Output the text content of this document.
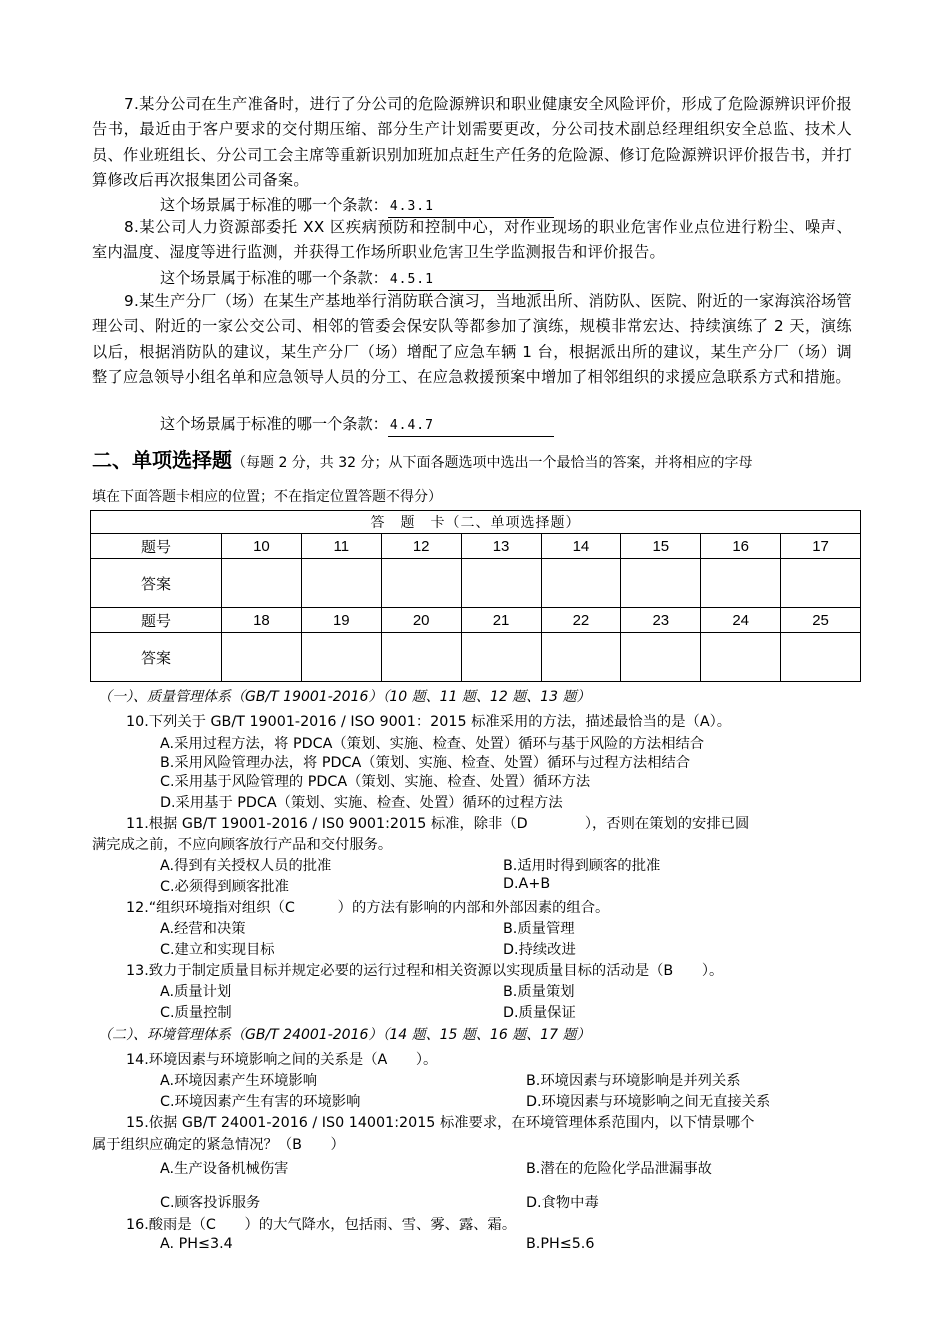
7.某分公司在生产准备时，进行了分公司的危险源辨识和职业健康安全风险评价，形成了危险源辨识评价报告书，最近由于客户要求的交付期压缩、部分生产计划需要更改，分公司技术副总经理组织安全总监、技术人员、作业班组长、分公司工会主席等重新识别加班加点赶生产任务的危险源、修订危险源辨识评价报告书，并打算修改后再次报集团公司备案。

这个场景属于标准的哪一个条款： 4.3.1

8.某公司人力资源部委托 XX 区疾病预防和控制中心，对作业现场的职业危害作业点位进行粉尘、噪声、室内温度、湿度等进行监测，并获得工作场所职业危害卫生学监测报告和评价报告。

这个场景属于标准的哪一个条款： 4.5.1

9.某生产分厂（场）在某生产基地举行消防联合演习，当地派出所、消防队、医院、附近的一家海滨浴场管理公司、附近的一家公交公司、相邻的管委会保安队等都参加了演练，规模非常宏达、持续演练了 2 天，演练以后，根据消防队的建议，某生产分厂（场）增配了应急车辆 1 台，根据派出所的建议，某生产分厂（场）调整了应急领导小组名单和应急领导人员的分工、在应急救援预案中增加了相邻组织的求援应急联系方式和措施。

这个场景属于标准的哪一个条款： 4.4.7
二、单项选择题（每题 2 分，共 32 分；从下面各题选项中选出一个最恰当的答案，并将相应的字母
填在下面答题卡相应的位置；不在指定位置答题不得分）
答　题　卡（二、单项选择题）								
题号	10	11	12	13	14	15	16	17
答案								
题号	18	19	20	21	22	23	24	25
答案								
（一）、质量管理体系（GB/T 19001-2016）（10 题、11 题、12 题、13 题）
10.下列关于 GB/T 19001-2016 / ISO 9001：2015 标准采用的方法，描述最恰当的是（A）。
A.采用过程方法，将 PDCA（策划、实施、检查、处置）循环与基于风险的方法相结合
B.采用风险管理办法，将 PDCA（策划、实施、检查、处置）循环与过程方法相结合
C.采用基于风险管理的 PDCA（策划、实施、检查、处置）循环方法
D.采用基于 PDCA（策划、实施、检查、处置）循环的过程方法
11.根据 GB/T 19001-2016 / IS0 9001:2015 标准，除非（D　　　　），否则在策划的安排已圆
满完成之前，不应向顾客放行产品和交付服务。
A.得到有关授权人员的批准	B.适用时得到顾客的批准
C.必须得到顾客批准	D.A+B
12.“组织环境指对组织（C　　　）的方法有影响的内部和外部因素的组合。
A.经营和决策	B.质量管理
C.建立和实现目标	D.持续改进
13.致力于制定质量目标并规定必要的运行过程和相关资源以实现质量目标的活动是（B　　）。
A.质量计划	B.质量策划
C.质量控制	D.质量保证
（二）、环境管理体系（GB/T 24001-2016）（14 题、15 题、16 题、17 题）
14.环境因素与环境影响之间的关系是（A　　）。
A.环境因素产生环境影响	B.环境因素与环境影响是并列关系
C.环境因素产生有害的环境影响	D.环境因素与环境影响之间无直接关系
15.依据 GB/T 24001-2016 / IS0 14001:2015 标准要求，在环境管理体系范围内，以下情景哪个
属于组织应确定的紧急情况？（B　　）
A.生产设备机械伤害	B.潜在的危险化学品泄漏事故
C.顾客投诉服务	D.食物中毒
16.酸雨是（C　　）的大气降水，包括雨、雪、雾、露、霜。
A. PH≤3.4	B.PH≤5.6
